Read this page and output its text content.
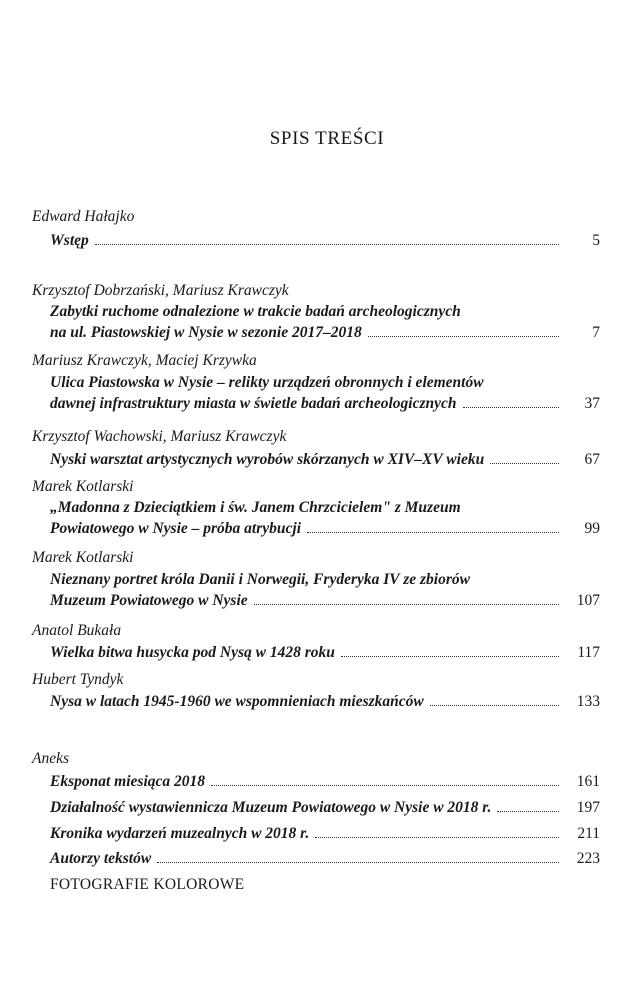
SPIS TREŚCI
Edward Hałajko
Wstęp	5
Krzysztof Dobrzański, Mariusz Krawczyk
Zabytki ruchome odnalezione w trakcie badań archeologicznych
na ul. Piastowskiej w Nysie w sezonie 2017–2018	7
Mariusz Krawczyk, Maciej Krzywka
Ulica Piastowska w Nysie – relikty urządzeń obronnych i elementów
dawnej infrastruktury miasta w świetle badań archeologicznych	37
Krzysztof Wachowski, Mariusz Krawczyk
Nyski warsztat artystycznych wyrobów skórzanych w XIV–XV wieku	67
Marek Kotlarski
„Madonna z Dzieciątkiem i św. Janem Chrzcicielem" z Muzeum
Powiatowego w Nysie – próba atrybucji	99
Marek Kotlarski
Nieznany portret króla Danii i Norwegii, Fryderyka IV ze zbiorów
Muzeum Powiatowego w Nysie	107
Anatol Bukała
Wielka bitwa husycka pod Nysą w 1428 roku	117
Hubert Tyndyk
Nysa w latach 1945-1960 we wspomnieniach mieszkańców	133
Aneks
Eksponat miesiąca 2018	161
Działalność wystawiennicza Muzeum Powiatowego w Nysie w 2018 r.	197
Kronika wydarzeń muzealnych w 2018 r.	211
Autorzy tekstów	223
FOTOGRAFIE KOLOROWE
